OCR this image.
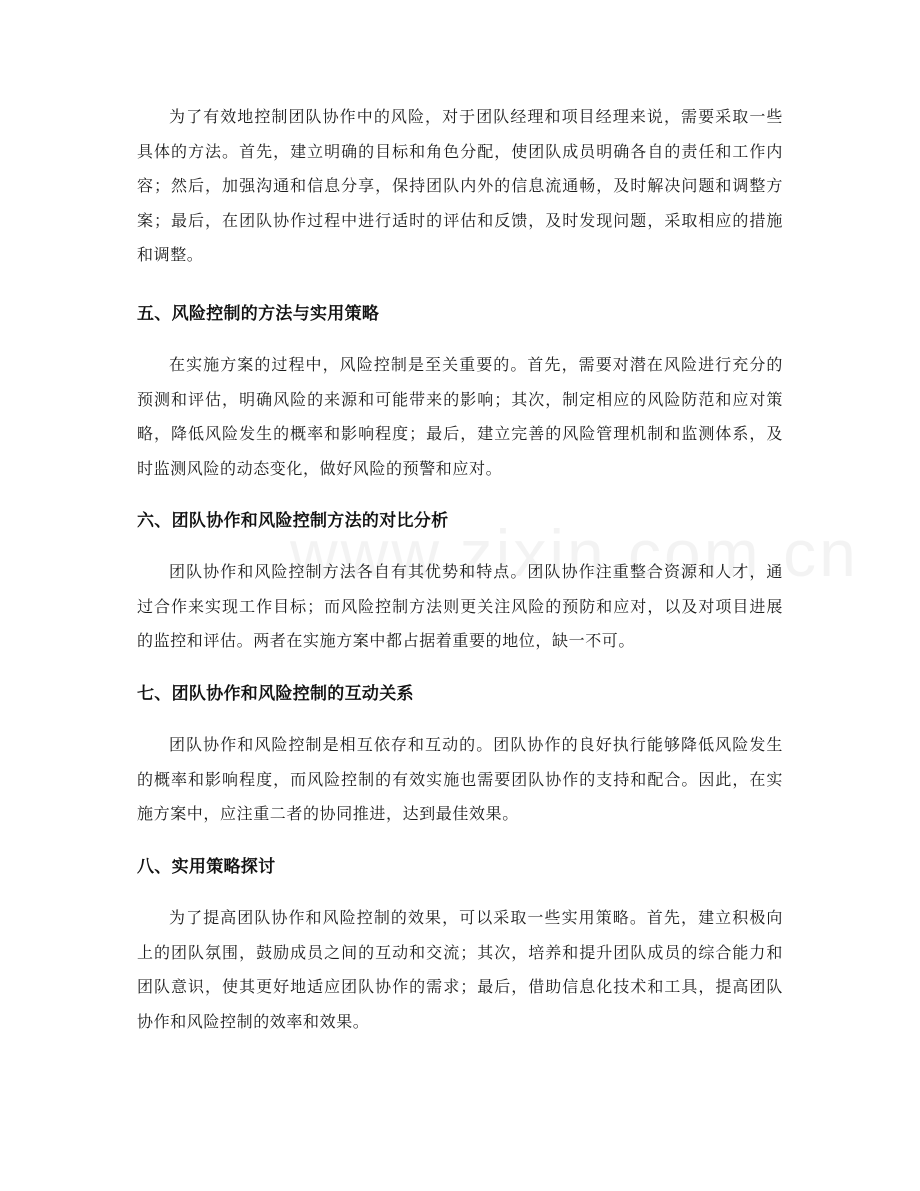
为了有效地控制团队协作中的风险，对于团队经理和项目经理来说，需要采取一些具体的方法。首先，建立明确的目标和角色分配，使团队成员明确各自的责任和工作内容；然后，加强沟通和信息分享，保持团队内外的信息流通畅，及时解决问题和调整方案；最后，在团队协作过程中进行适时的评估和反馈，及时发现问题，采取相应的措施和调整。

五、风险控制的方法与实用策略

在实施方案的过程中，风险控制是至关重要的。首先，需要对潜在风险进行充分的预测和评估，明确风险的来源和可能带来的影响；其次，制定相应的风险防范和应对策略，降低风险发生的概率和影响程度；最后，建立完善的风险管理机制和监测体系，及时监测风险的动态变化，做好风险的预警和应对。

六、团队协作和风险控制方法的对比分析

团队协作和风险控制方法各自有其优势和特点。团队协作注重整合资源和人才，通过合作来实现工作目标；而风险控制方法则更关注风险的预防和应对，以及对项目进展的监控和评估。两者在实施方案中都占据着重要的地位，缺一不可。

七、团队协作和风险控制的互动关系

团队协作和风险控制是相互依存和互动的。团队协作的良好执行能够降低风险发生的概率和影响程度，而风险控制的有效实施也需要团队协作的支持和配合。因此，在实施方案中，应注重二者的协同推进，达到最佳效果。

八、实用策略探讨

为了提高团队协作和风险控制的效果，可以采取一些实用策略。首先，建立积极向上的团队氛围，鼓励成员之间的互动和交流；其次，培养和提升团队成员的综合能力和团队意识，使其更好地适应团队协作的需求；最后，借助信息化技术和工具，提高团队协作和风险控制的效率和效果。
